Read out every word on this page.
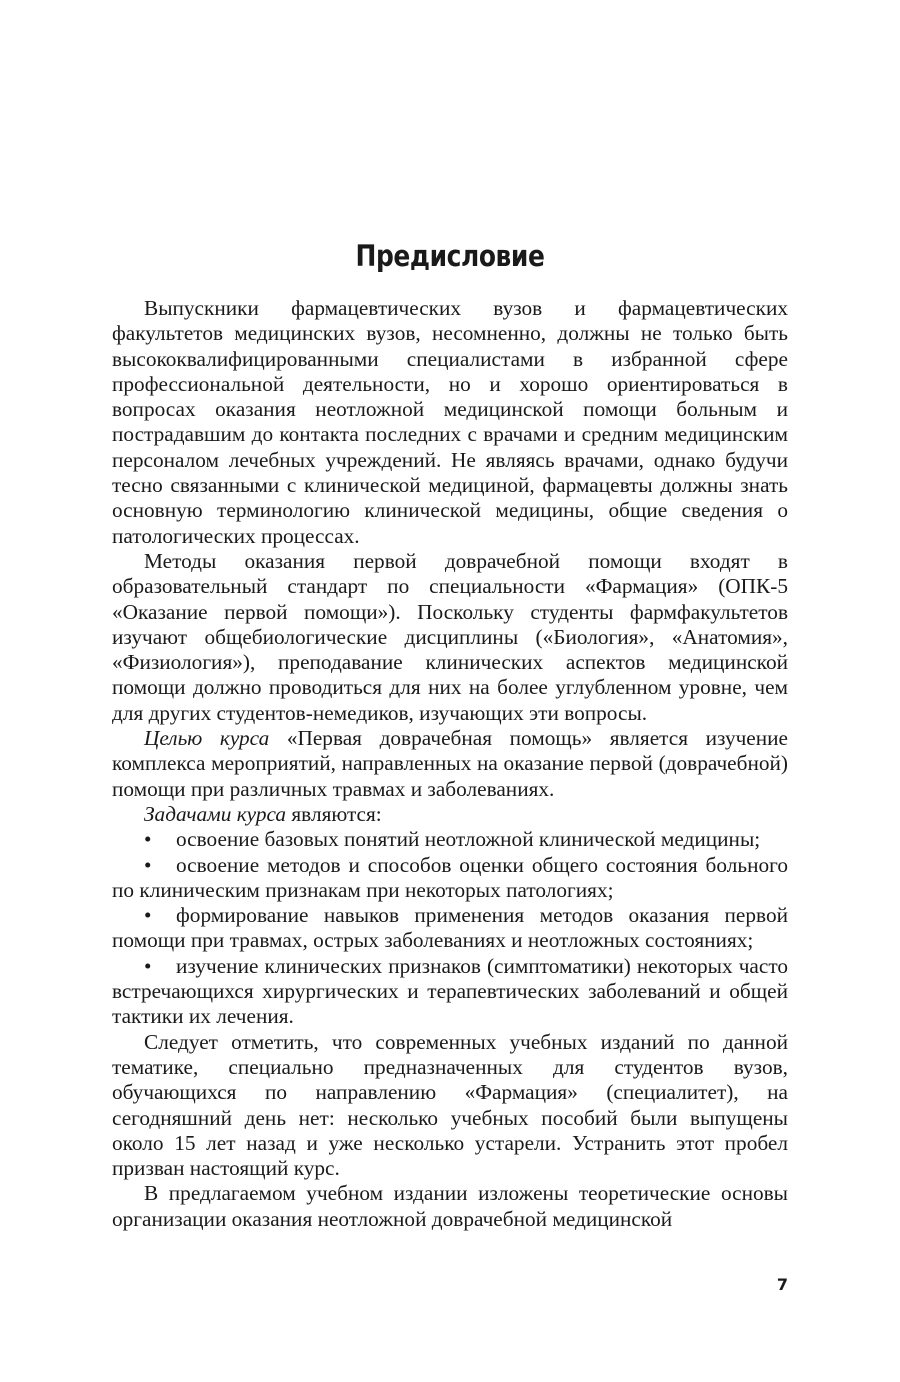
Предисловие

Выпускники фармацевтических вузов и фармацевтических факультетов медицинских вузов, несомненно, должны не только быть высококвалифицированными специалистами в избранной сфере профессиональной деятельности, но и хорошо ориентироваться в вопросах оказания неотложной медицинской помощи больным и пострадавшим до контакта последних с врачами и средним медицинским персоналом лечебных учреждений. Не являясь врачами, однако будучи тесно связанными с клинической медициной, фармацевты должны знать основную терминологию клинической медицины, общие сведения о патологических процессах.

Методы оказания первой доврачебной помощи входят в образовательный стандарт по специальности «Фармация» (ОПК-5 «Оказание первой помощи»). Поскольку студенты фармфакультетов изучают общебиологические дисциплины («Биология», «Анатомия», «Физиология»), преподавание клинических аспектов медицинской помощи должно проводиться для них на более углубленном уровне, чем для других студентов-немедиков, изучающих эти вопросы.

Целью курса «Первая доврачебная помощь» является изучение комплекса мероприятий, направленных на оказание первой (доврачебной) помощи при различных травмах и заболеваниях.

Задачами курса являются:

• освоение базовых понятий неотложной клинической медицины;

• освоение методов и способов оценки общего состояния больного по клиническим признакам при некоторых патологиях;

• формирование навыков применения методов оказания первой помощи при травмах, острых заболеваниях и неотложных состояниях;

• изучение клинических признаков (симптоматики) некоторых часто встречающихся хирургических и терапевтических заболеваний и общей тактики их лечения.

Следует отметить, что современных учебных изданий по данной тематике, специально предназначенных для студентов вузов, обучающихся по направлению «Фармация» (специалитет), на сегодняшний день нет: несколько учебных пособий были выпущены около 15 лет назад и уже несколько устарели. Устранить этот пробел призван настоящий курс.

В предлагаемом учебном издании изложены теоретические основы организации оказания неотложной доврачебной медицинской

7
